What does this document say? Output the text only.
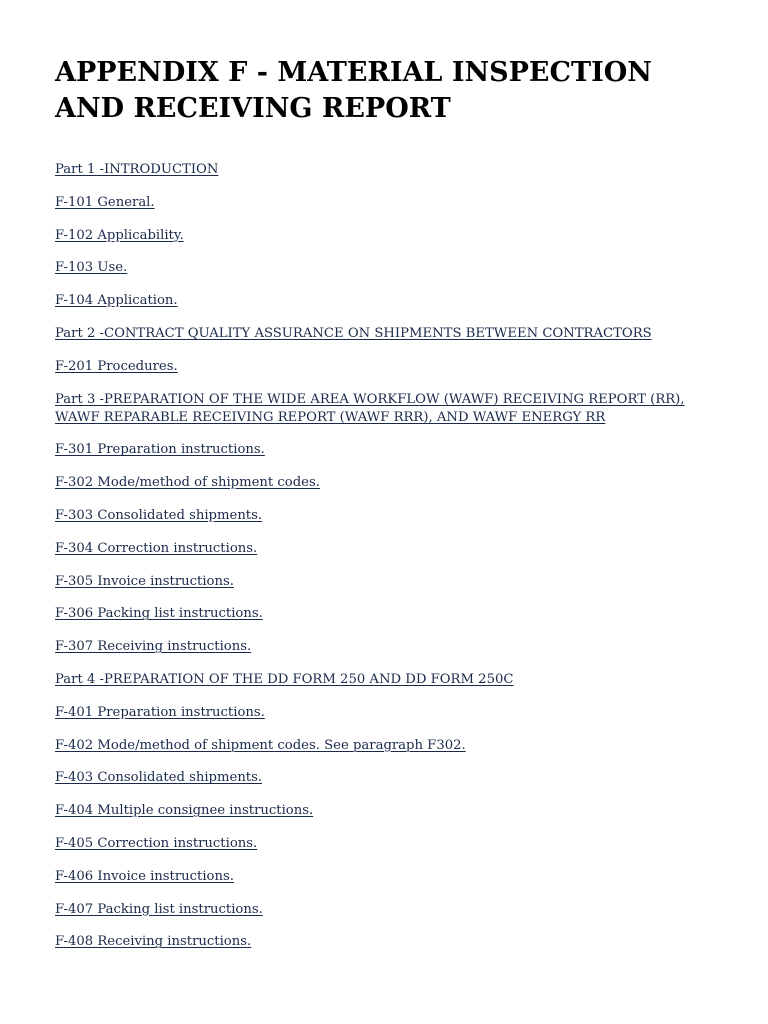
APPENDIX F - MATERIAL INSPECTION AND RECEIVING REPORT
Part 1 -INTRODUCTION
F-101 General.
F-102 Applicability.
F-103 Use.
F-104 Application.
Part 2 -CONTRACT QUALITY ASSURANCE ON SHIPMENTS BETWEEN CONTRACTORS
F-201 Procedures.
Part 3 -PREPARATION OF THE WIDE AREA WORKFLOW (WAWF) RECEIVING REPORT (RR), WAWF REPARABLE RECEIVING REPORT (WAWF RRR), AND WAWF ENERGY RR
F-301 Preparation instructions.
F-302 Mode/method of shipment codes.
F-303 Consolidated shipments.
F-304 Correction instructions.
F-305 Invoice instructions.
F-306 Packing list instructions.
F-307 Receiving instructions.
Part 4 -PREPARATION OF THE DD FORM 250 AND DD FORM 250C
F-401 Preparation instructions.
F-402 Mode/method of shipment codes. See paragraph F302.
F-403 Consolidated shipments.
F-404 Multiple consignee instructions.
F-405 Correction instructions.
F-406 Invoice instructions.
F-407 Packing list instructions.
F-408 Receiving instructions.
